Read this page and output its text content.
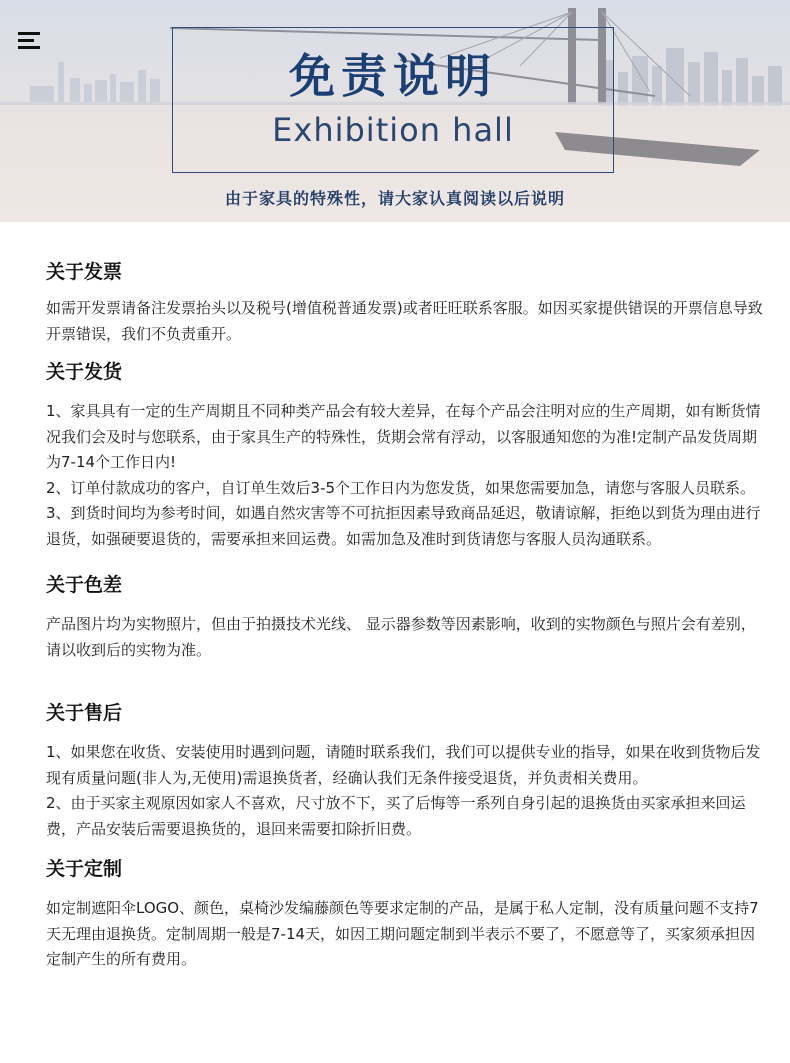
免责说明
Exhibition hall
由于家具的特殊性，请大家认真阅读以后说明
关于发票

如需开发票请备注发票抬头以及税号(增值税普通发票)或者旺旺联系客服。如因买家提供错误的开票信息导致开票错误，我们不负责重开。

关于发货

1、家具具有一定的生产周期且不同种类产品会有较大差异，在每个产品会注明对应的生产周期，如有断货情况我们会及时与您联系，由于家具生产的特殊性，货期会常有浮动，以客服通知您的为准!定制产品发货周期为7-14个工作日内!
2、订单付款成功的客户，自订单生效后3-5个工作日内为您发货，如果您需要加急，请您与客服人员联系。
3、到货时间均为参考时间，如遇自然灾害等不可抗拒因素导致商品延迟，敬请谅解，拒绝以到货为理由进行退货，如强硬要退货的，需要承担来回运费。如需加急及准时到货请您与客服人员沟通联系。

关于色差

产品图片均为实物照片，但由于拍摄技术光线、 显示器参数等因素影响，收到的实物颜色与照片会有差别，请以收到后的实物为准。

关于售后

1、如果您在收货、安装使用时遇到问题，请随时联系我们，我们可以提供专业的指导，如果在收到货物后发现有质量问题(非人为,无使用)需退换货者，经确认我们无条件接受退货，并负责相关费用。
2、由于买家主观原因如家人不喜欢，尺寸放不下，买了后悔等一系列自身引起的退换货由买家承担来回运费，产品安装后需要退换货的，退回来需要扣除折旧费。

关于定制

如定制遮阳伞LOGO、颜色，桌椅沙发编藤颜色等要求定制的产品，是属于私人定制，没有质量问题不支持7天无理由退换货。定制周期一般是7-14天，如因工期问题定制到半表示不要了，不愿意等了，买家须承担因定制产生的所有费用。
